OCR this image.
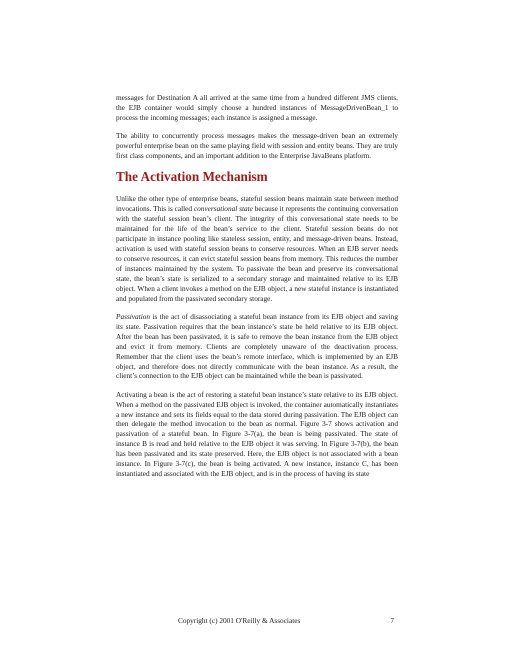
messages for Destination A all arrived at the same time from a hundred different JMS clients, the EJB container would simply choose a hundred instances of MessageDrivenBean_1 to process the incoming messages; each instance is assigned a message.

The ability to concurrently process messages makes the message-driven bean an extremely powerful enterprise bean on the same playing field with session and entity beans. They are truly first class components, and an important addition to the Enterprise JavaBeans platform.

The Activation Mechanism

Unlike the other type of enterprise beans, stateful session beans maintain state between method invocations. This is called conversational state because it represents the continuing conversation with the stateful session bean’s client. The integrity of this conversational state needs to be maintained for the life of the bean’s service to the client. Stateful session beans do not participate in instance pooling like stateless session, entity, and message-driven beans. Instead, activation is used with stateful session beans to conserve resources. When an EJB server needs to conserve resources, it can evict stateful session beans from memory. This reduces the number of instances maintained by the system. To passivate the bean and preserve its conversational state, the bean’s state is serialized to a secondary storage and maintained relative to its EJB object. When a client invokes a method on the EJB object, a new stateful instance is instantiated and populated from the passivated secondary storage.

Passivation is the act of disassociating a stateful bean instance from its EJB object and saving its state. Passivation requires that the bean instance’s state be held relative to its EJB object. After the bean has been passivated, it is safe to remove the bean instance from the EJB object and evict it from memory. Clients are completely unaware of the deactivation process. Remember that the client uses the bean’s remote interface, which is implemented by an EJB object, and therefore does not directly communicate with the bean instance. As a result, the client’s connection to the EJB object can be maintained while the bean is passivated.

Activating a bean is the act of restoring a stateful bean instance’s state relative to its EJB object. When a method on the passivated EJB object is invoked, the container automatically instantiates a new instance and sets its fields equal to the data stored during passivation. The EJB object can then delegate the method invocation to the bean as normal. Figure 3-7 shows activation and passivation of a stateful bean. In Figure 3-7(a), the bean is being passivated. The state of instance B is read and held relative to the EJB object it was serving. In Figure 3-7(b), the bean has been passivated and its state preserved. Here, the EJB object is not associated with a bean instance. In Figure 3-7(c), the bean is being activated. A new instance, instance C, has been instantiated and associated with the EJB object, and is in the process of having its state

Copyright (c) 2001 O'Reilly & Associates	7
